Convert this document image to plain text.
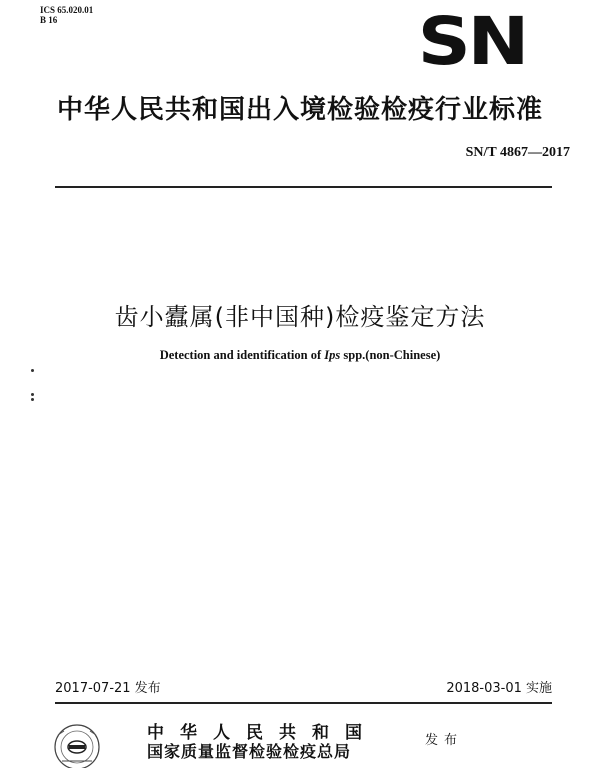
ICS 65.020.01
B 16	SN
中华人民共和国出入境检验检疫行业标准
SN/T 4867—2017
齿小蠹属(非中国种)检疫鉴定方法
Detection and identification of Ips spp.(non-Chinese)
2017-07-21 发布	2018-03-01 实施
中华人民共和国
国家质量监督检验检疫总局
发布
